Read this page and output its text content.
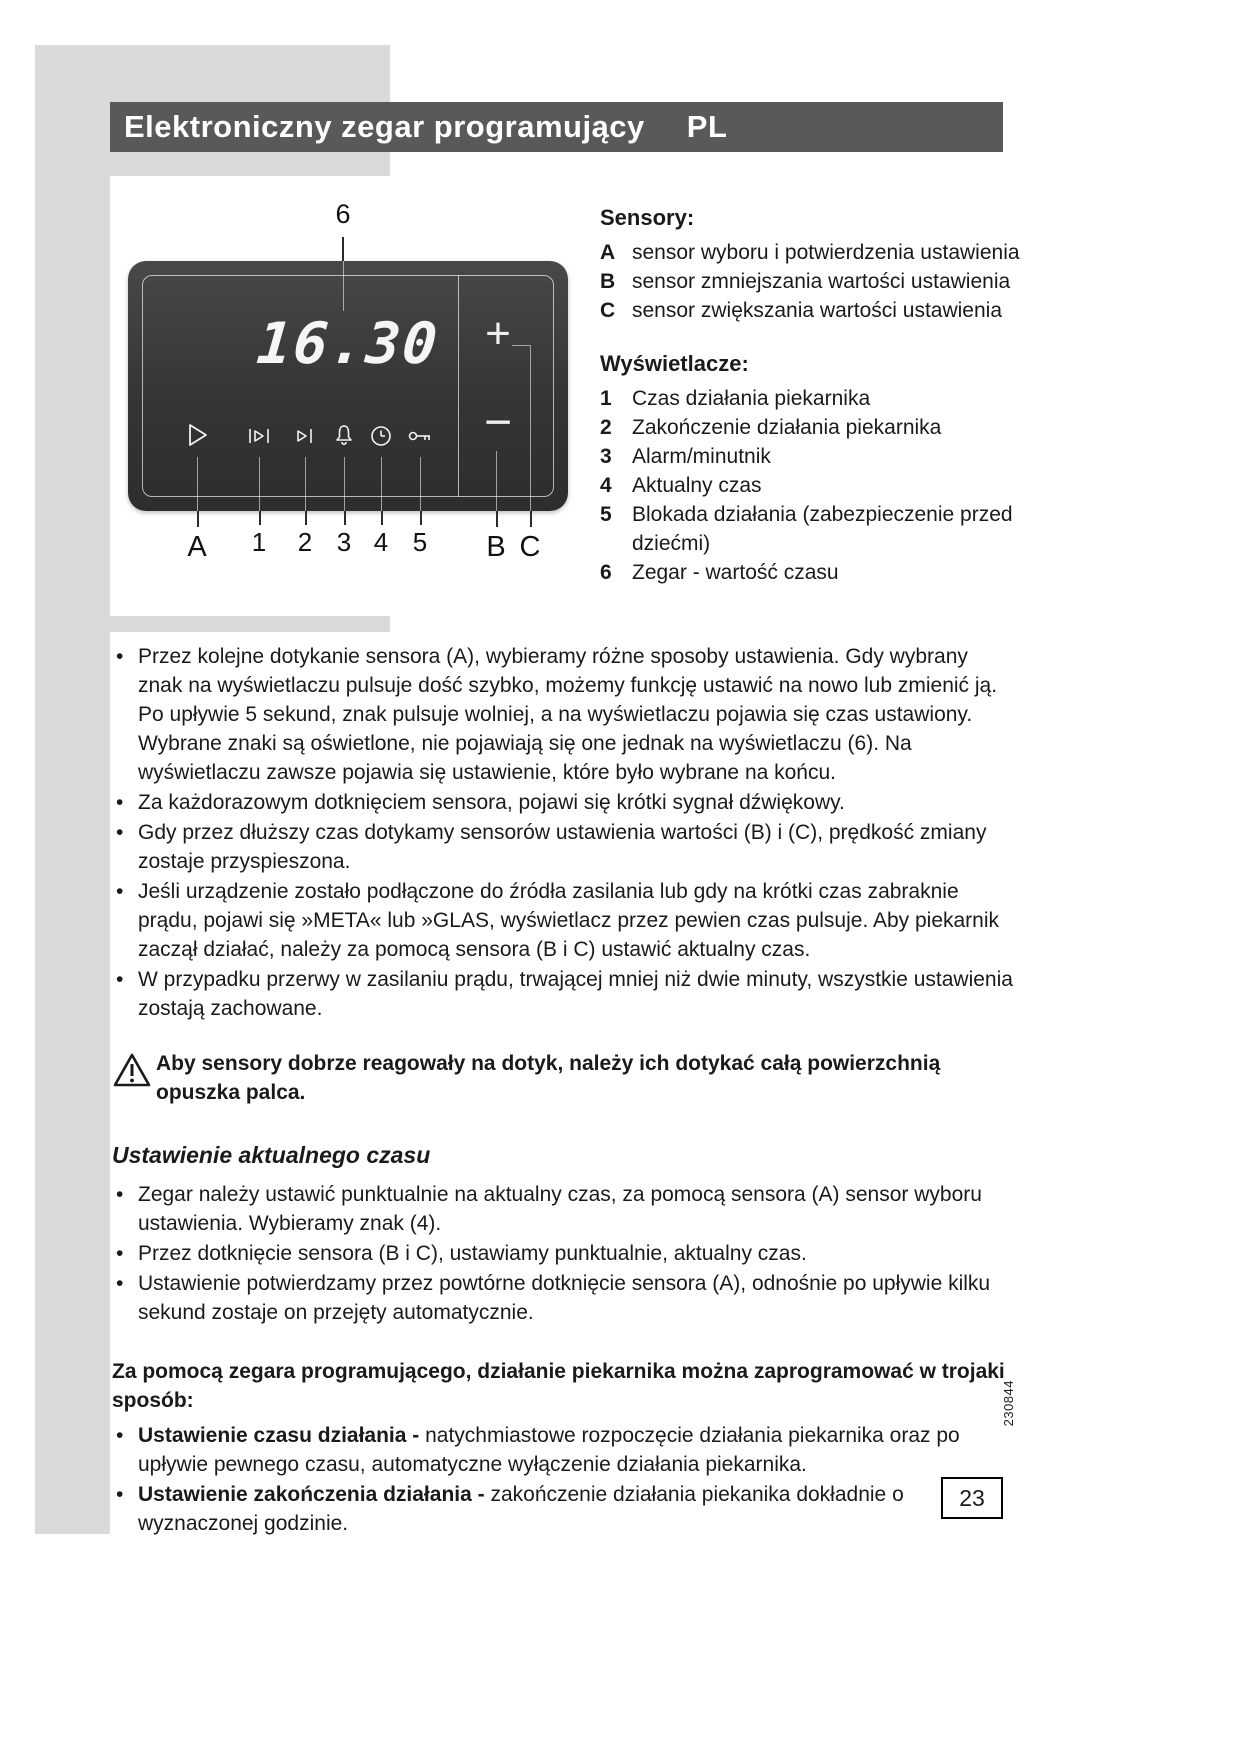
Elektroniczny zegar programujący PL
6
16.30 +
−
A 1 2 3 4 5 B C
Sensory:
A sensor wyboru i potwierdzenia ustawienia
B sensor zmniejszania wartości ustawienia
C sensor zwiększania wartości ustawienia
Wyświetlacze:
1 Czas działania piekarnika
2 Zakończenie działania piekarnika
3 Alarm/minutnik
4 Aktualny czas
5 Blokada działania (zabezpieczenie przed dziećmi)
6 Zegar - wartość czasu
• Przez kolejne dotykanie sensora (A), wybieramy różne sposoby ustawienia. Gdy wybrany znak na wyświetlaczu pulsuje dość szybko, możemy funkcję ustawić na nowo lub zmienić ją. Po upływie 5 sekund, znak pulsuje wolniej, a na wyświetlaczu pojawia się czas ustawiony. Wybrane znaki są oświetlone, nie pojawiają się one jednak na wyświetlaczu (6). Na wyświetlaczu zawsze pojawia się ustawienie, które było wybrane na końcu.
• Za każdorazowym dotknięciem sensora, pojawi się krótki sygnał dźwiękowy.
• Gdy przez dłuższy czas dotykamy sensorów ustawienia wartości (B) i (C), prędkość zmiany zostaje przyspieszona.
• Jeśli urządzenie zostało podłączone do źródła zasilania lub gdy na krótki czas zabraknie prądu, pojawi się »META« lub »GLAS, wyświetlacz przez pewien czas pulsuje. Aby piekarnik zaczął działać, należy za pomocą sensora (B i C) ustawić aktualny czas.
• W przypadku przerwy w zasilaniu prądu, trwającej mniej niż dwie minuty, wszystkie ustawienia zostają zachowane.
Aby sensory dobrze reagowały na dotyk, należy ich dotykać całą powierzchnią opuszka palca.
Ustawienie aktualnego czasu
• Zegar należy ustawić punktualnie na aktualny czas, za pomocą sensora (A) sensor wyboru ustawienia. Wybieramy znak (4).
• Przez dotknięcie sensora (B i C), ustawiamy punktualnie, aktualny czas.
• Ustawienie potwierdzamy przez powtórne dotknięcie sensora (A), odnośnie po upływie kilku sekund zostaje on przejęty automatycznie.
Za pomocą zegara programującego, działanie piekarnika można zaprogramować w trojaki sposób:
• Ustawienie czasu działania - natychmiastowe rozpoczęcie działania piekarnika oraz po upływie pewnego czasu, automatyczne wyłączenie działania piekarnika.
• Ustawienie zakończenia działania - zakończenie działania piekanika dokładnie o wyznaczonej godzinie.
230844
23
